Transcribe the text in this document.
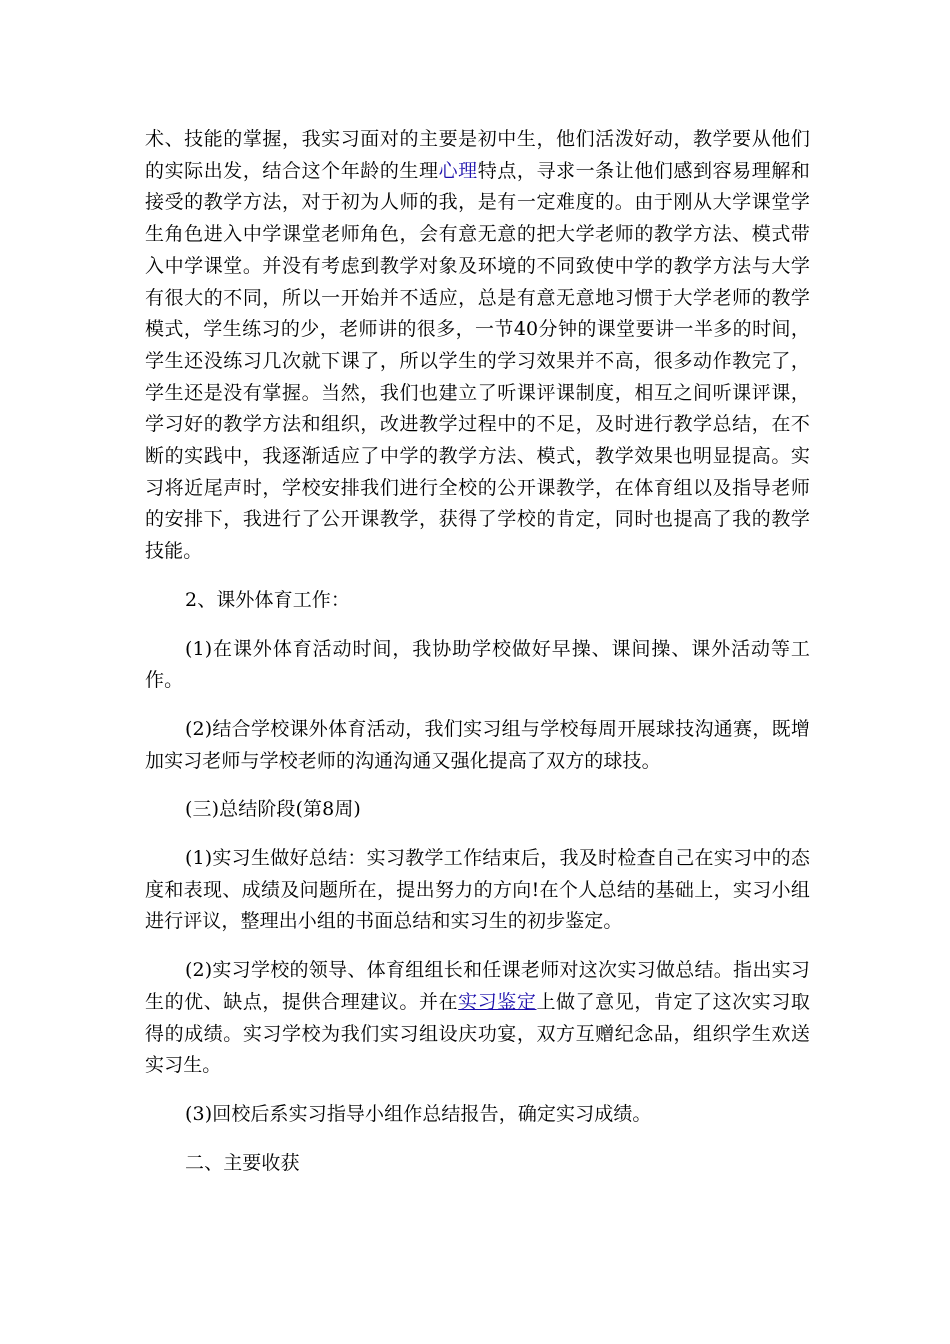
术、技能的掌握，我实习面对的主要是初中生，他们活泼好动，教学要从他们的实际出发，结合这个年龄的生理心理特点，寻求一条让他们感到容易理解和接受的教学方法，对于初为人师的我，是有一定难度的。由于刚从大学课堂学生角色进入中学课堂老师角色，会有意无意的把大学老师的教学方法、模式带入中学课堂。并没有考虑到教学对象及环境的不同致使中学的教学方法与大学有很大的不同，所以一开始并不适应，总是有意无意地习惯于大学老师的教学模式，学生练习的少，老师讲的很多，一节40分钟的课堂要讲一半多的时间，学生还没练习几次就下课了，所以学生的学习效果并不高，很多动作教完了，学生还是没有掌握。当然，我们也建立了听课评课制度，相互之间听课评课，学习好的教学方法和组织，改进教学过程中的不足，及时进行教学总结，在不断的实践中，我逐渐适应了中学的教学方法、模式，教学效果也明显提高。实习将近尾声时，学校安排我们进行全校的公开课教学，在体育组以及指导老师的安排下，我进行了公开课教学，获得了学校的肯定，同时也提高了我的教学技能。

2、课外体育工作：

(1)在课外体育活动时间，我协助学校做好早操、课间操、课外活动等工作。

(2)结合学校课外体育活动，我们实习组与学校每周开展球技沟通赛，既增加实习老师与学校老师的沟通沟通又强化提高了双方的球技。

(三)总结阶段(第8周)

(1)实习生做好总结：实习教学工作结束后，我及时检查自己在实习中的态度和表现、成绩及问题所在，提出努力的方向!在个人总结的基础上，实习小组进行评议，整理出小组的书面总结和实习生的初步鉴定。

(2)实习学校的领导、体育组组长和任课老师对这次实习做总结。指出实习生的优、缺点，提供合理建议。并在实习鉴定上做了意见，肯定了这次实习取得的成绩。实习学校为我们实习组设庆功宴，双方互赠纪念品，组织学生欢送实习生。

(3)回校后系实习指导小组作总结报告，确定实习成绩。

二、主要收获
